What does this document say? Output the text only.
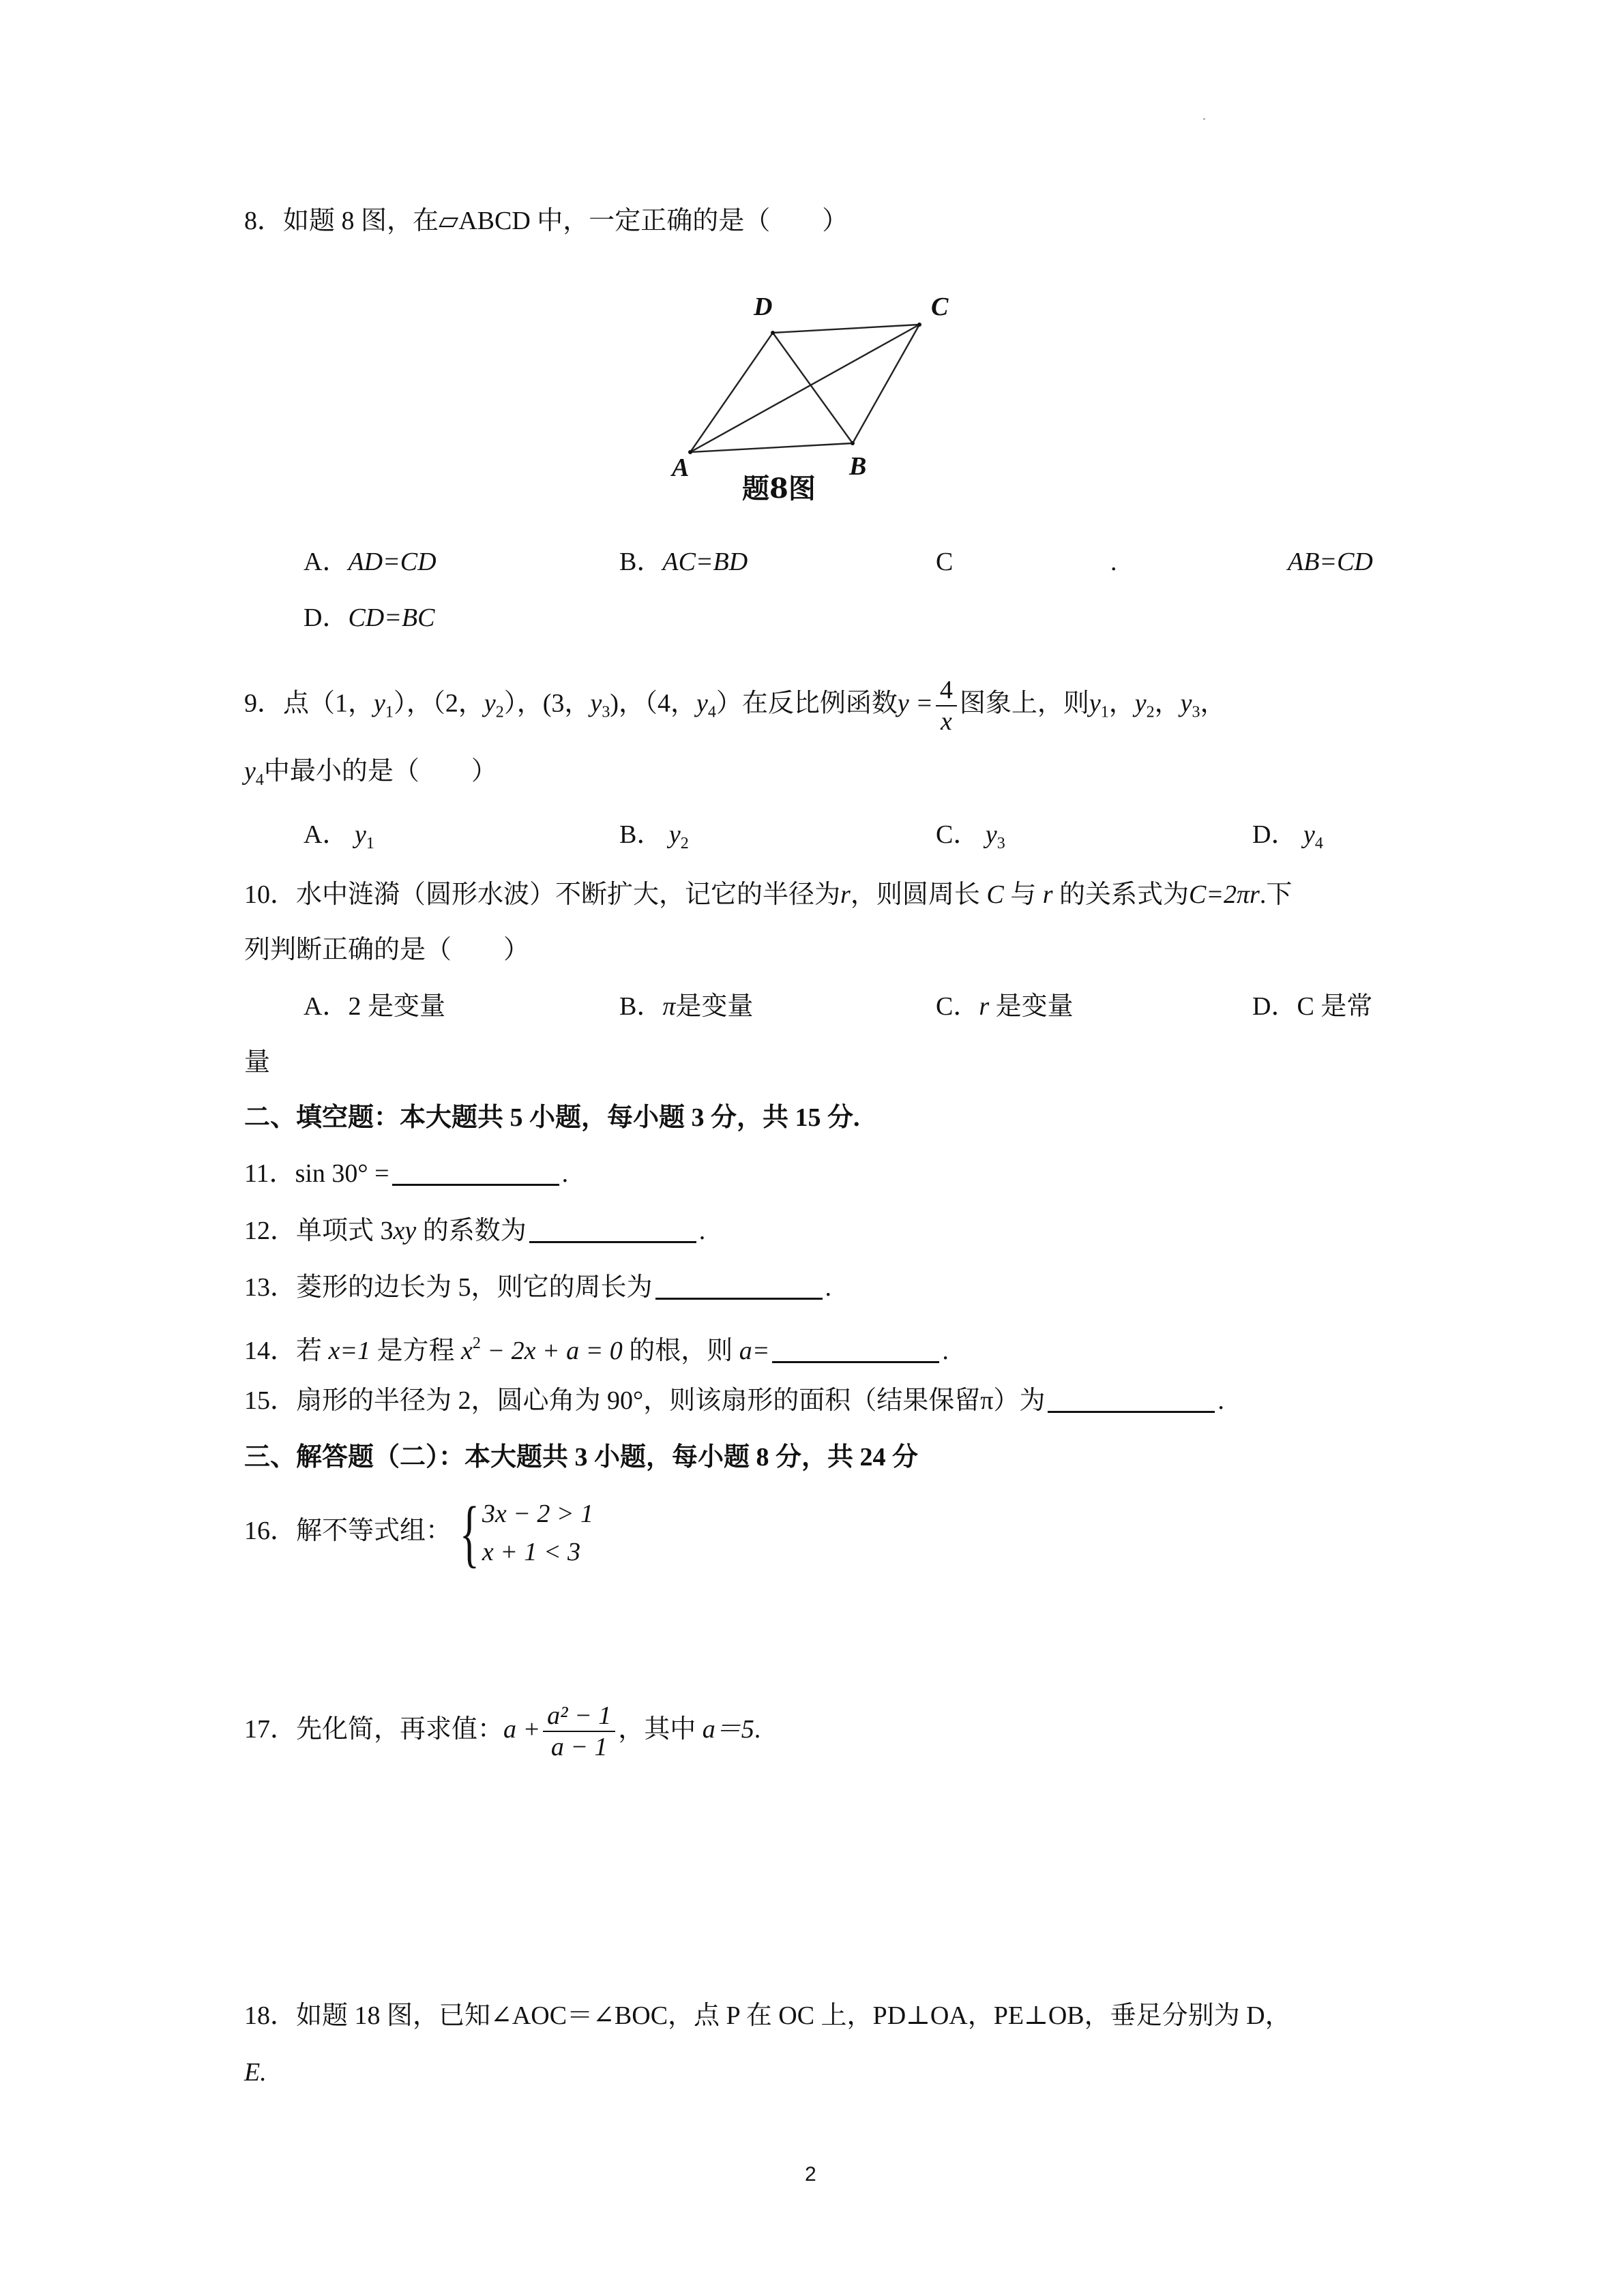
8．如题 8 图，在▱ABCD 中，一定正确的是（　　）
A	B
C
D
题8图
A．AD=CD	B．AC=BD	C	.	AB=CD
D．CD=BC
9．点（1，$y_1$），（2，$y_2$），(3，$y_3$)，（4，$y_4$）在反比例函数$y = \frac{4}{x}$ 图象上，则$y_1$，$y_2$，$y_3$，
$y_4$中最小的是（　　）
A． $y_1$	B． $y_2$	C． $y_3$	D． $y_4$
10．水中涟漪（圆形水波）不断扩大，记它的半径为r，则圆周长 C 与 r 的关系式为C=2πr.下
列判断正确的是（　　）
A．2 是变量	B．π是变量	C．r 是变量	D．C 是常
量
二、填空题：本大题共 5 小题，每小题 3 分，共 15 分.
11．sin 30° =	.
12．单项式 3xy 的系数为	.
13．菱形的边长为 5，则它的周长为	.
14．若 x=1 是方程 $x^2 - 2x + a = 0$ 的根，则 a=	.
15．扇形的半径为 2，圆心角为 90°，则该扇形的面积（结果保留π）为	.
三、解答题（二）：本大题共 3 小题，每小题 8 分，共 24 分
16．解不等式组： { 3x − 2 > 1
x + 1 < 3
17．先化简，再求值：$a + \frac{\text{a² − 1}}{a - 1}$ ，其中 a＝5.
18．如题 18 图，已知∠AOC＝∠BOC，点 P 在 OC 上，PD⊥OA，PE⊥OB，垂足分别为 D，
E.
2
